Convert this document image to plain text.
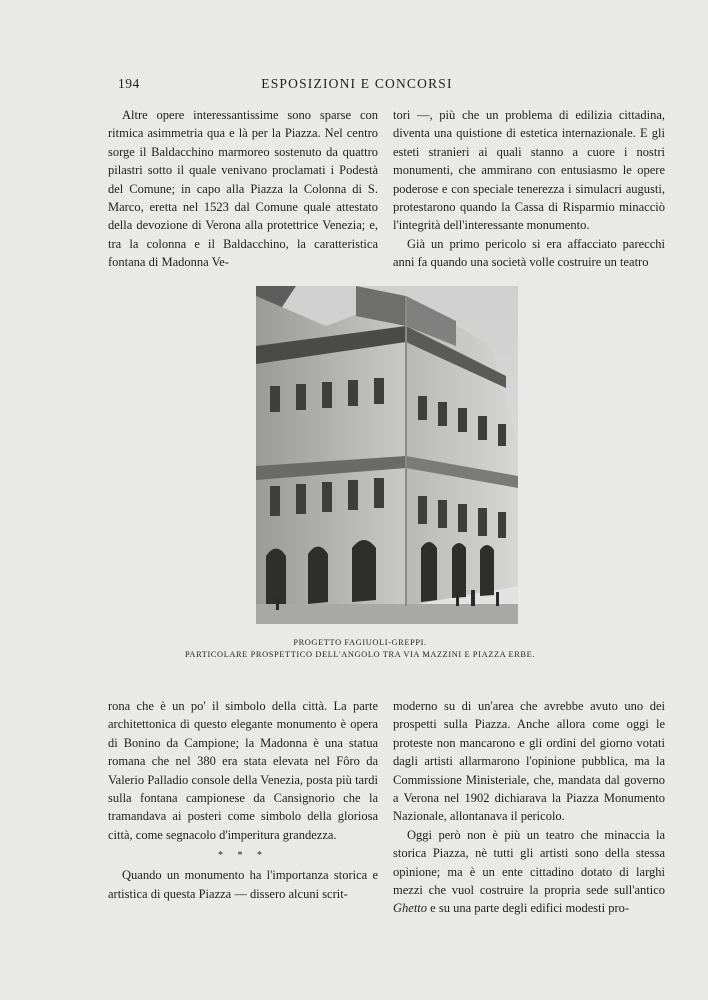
194	ESPOSIZIONI E CONCORSI

Altre opere interessantissime sono sparse con ritmica asimmetria qua e là per la Piazza. Nel centro sorge il Baldacchino marmoreo sostenuto da quattro pilastri sotto il quale venivano proclamati i Podestà del Comune; in capo alla Piazza la Colonna di S. Marco, eretta nel 1523 dal Comune quale attestato della devozione di Verona alla protettrice Venezia; e, tra la colonna e il Baldacchino, la caratteristica fontana di Madonna Ve-

tori —, più che un problema di edilizia cittadina, diventa una quistione di estetica internazionale. E gli esteti stranieri ai quali stanno a cuore i nostri monumenti, che ammirano con entusiasmo le opere poderose e con speciale tenerezza i simulacri augusti, protestarono quando la Cassa di Risparmio minacciò l'integrità dell'interessante monumento.

Già un primo pericolo si era affacciato parecchi anni fa quando una società volle costruire un teatro

PROGETTO FAGIUOLI-GREPPI.
PARTICOLARE PROSPETTICO DELL'ANGOLO TRA VIA MAZZINI E PIAZZA ERBE.

rona che è un po' il simbolo della città. La parte architettonica di questo elegante monumento è opera di Bonino da Campione; la Madonna è una statua romana che nel 380 era stata elevata nel Fôro da Valerio Palladio console della Venezia, posta più tardi sulla fontana campionese da Cansignorio che la tramandava ai posteri come simbolo della gloriosa città, come segnacolo d'imperitura grandezza.

* * *

Quando un monumento ha l'importanza storica e artistica di questa Piazza — dissero alcuni scrit-

moderno su di un'area che avrebbe avuto uno dei prospetti sulla Piazza. Anche allora come oggi le proteste non mancarono e gli ordini del giorno votati dagli artisti allarmarono l'opinione pubblica, ma la Commissione Ministeriale, che, mandata dal governo a Verona nel 1902 dichiarava la Piazza Monumento Nazionale, allontanava il pericolo.

Oggi però non è più un teatro che minaccia la storica Piazza, nè tutti gli artisti sono della stessa opinione; ma è un ente cittadino dotato di larghi mezzi che vuol costruire la propria sede sull'antico Ghetto e su una parte degli edifici modesti pro-
